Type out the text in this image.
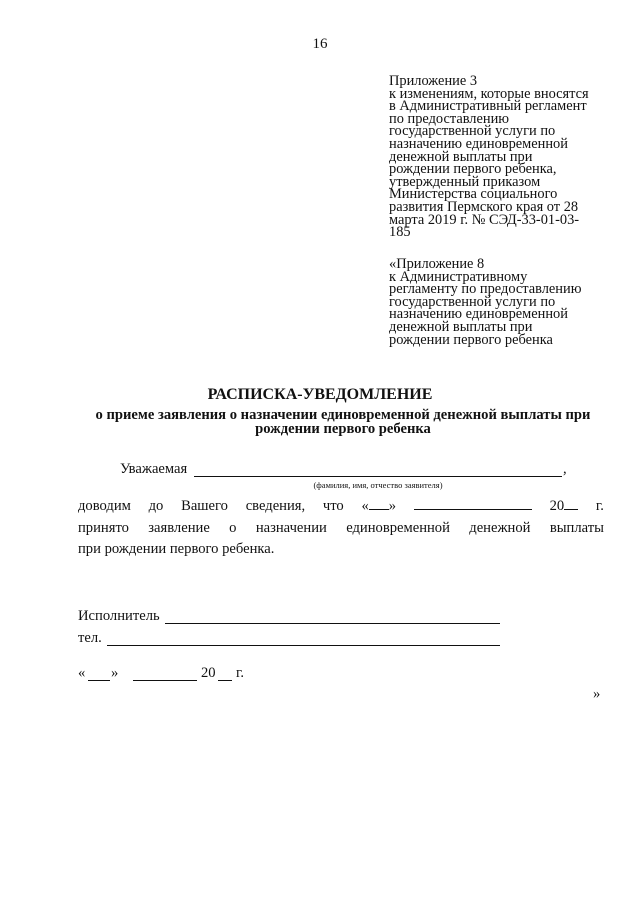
16
Приложение 3
к изменениям, которые вносятся
в Административный регламент
по предоставлению
государственной услуги по
назначению единовременной
денежной выплаты при
рождении первого ребенка,
утвержденный приказом
Министерства социального
развития Пермского края от 28
марта 2019 г. № СЭД-33-01-03-
185
«Приложение 8
к Административному
регламенту по предоставлению
государственной услуги по
назначению единовременной
денежной выплаты при
рождении первого ребенка
РАСПИСКА-УВЕДОМЛЕНИЕ
о приеме заявления о назначении единовременной денежной выплаты при
рождении первого ребенка
Уважаемая	,
(фамилия, имя, отчество заявителя)
доводим до Вашего сведения, что « »	20	г.
принято заявление о назначении единовременной денежной выплаты
при рождении первого ребенка.
Исполнитель
тел.
« »	20 г.
»
